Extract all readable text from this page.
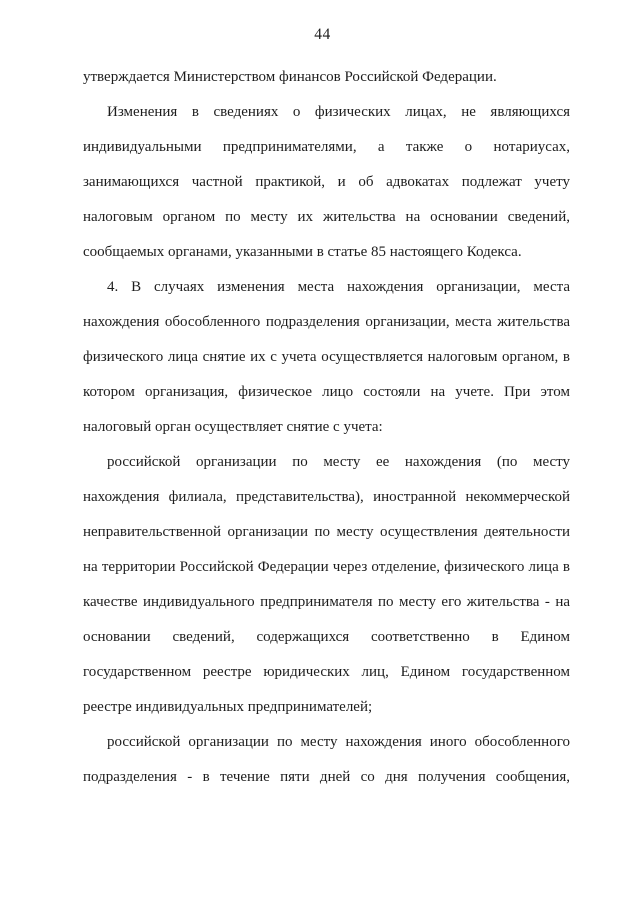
44
утверждается Министерством финансов Российской Федерации.
Изменения в сведениях о физических лицах, не являющихся
индивидуальными предпринимателями, а также о нотариусах,
занимающихся частной практикой, и об адвокатах подлежат учету
налоговым органом по месту их жительства на основании сведений,
сообщаемых органами, указанными в статье 85 настоящего Кодекса.
4. В случаях изменения места нахождения организации, места
нахождения обособленного подразделения организации, места жительства
физического лица снятие их с учета осуществляется налоговым органом, в
котором организация, физическое лицо состояли на учете. При этом
налоговый орган осуществляет снятие с учета:
российской организации по месту ее нахождения (по месту
нахождения филиала, представительства), иностранной некоммерческой
неправительственной организации по месту осуществления деятельности
на территории Российской Федерации через отделение, физического лица в
качестве индивидуального предпринимателя по месту его жительства - на
основании сведений, содержащихся соответственно в Едином
государственном реестре юридических лиц, Едином государственном
реестре индивидуальных предпринимателей;
российской организации по месту нахождения иного обособленного
подразделения - в течение пяти дней со дня получения сообщения,
